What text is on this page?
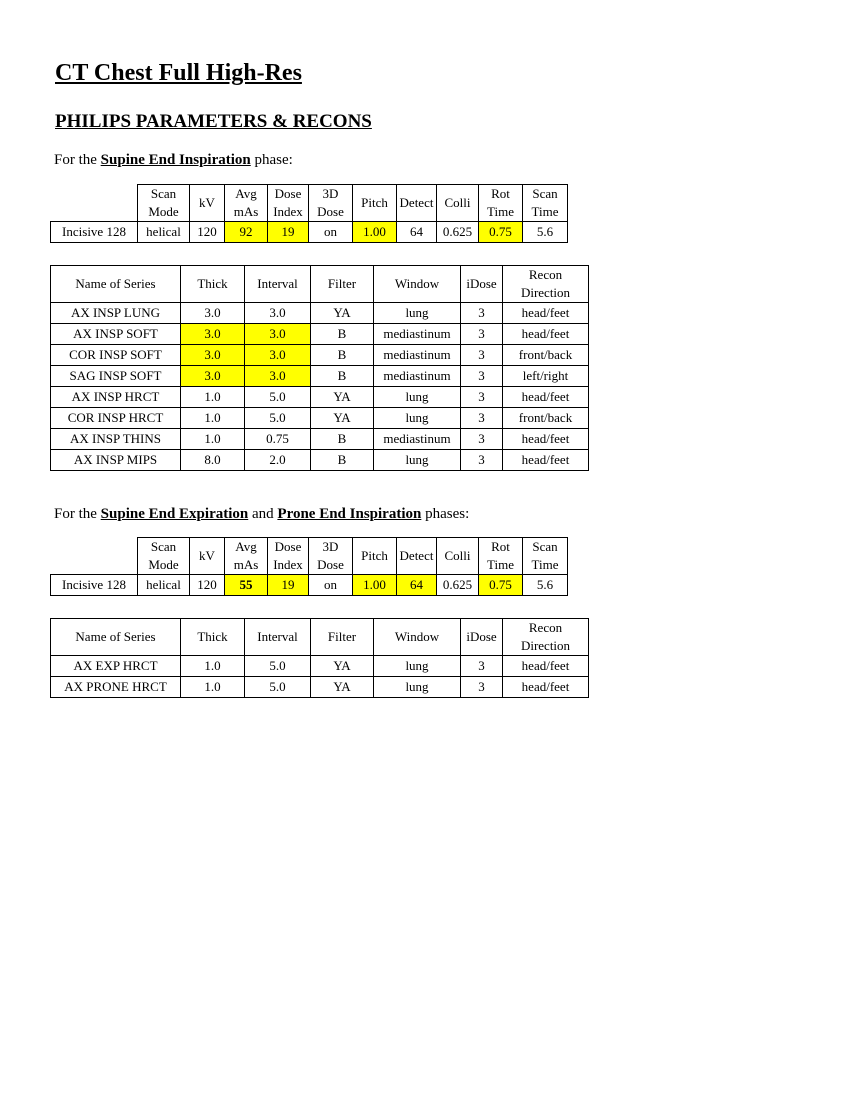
CT Chest Full High-Res
PHILIPS PARAMETERS & RECONS

For the Supine End Inspiration phase:

	Scan Mode	kV	Avg mAs	Dose Index	3D Dose	Pitch	Detect	Colli	Rot Time	Scan Time
Incisive 128	helical	120	92	19	on	1.00	64	0.625	0.75	5.6
Name of Series	Thick	Interval	Filter	Window	iDose	Recon Direction
AX INSP LUNG	3.0	3.0	YA	lung	3	head/feet
AX INSP SOFT	3.0	3.0	B	mediastinum	3	head/feet
COR INSP SOFT	3.0	3.0	B	mediastinum	3	front/back
SAG INSP SOFT	3.0	3.0	B	mediastinum	3	left/right
AX INSP HRCT	1.0	5.0	YA	lung	3	head/feet
COR INSP HRCT	1.0	5.0	YA	lung	3	front/back
AX INSP THINS	1.0	0.75	B	mediastinum	3	head/feet
AX INSP MIPS	8.0	2.0	B	lung	3	head/feet

For the Supine End Expiration and Prone End Inspiration phases:

	Scan Mode	kV	Avg mAs	Dose Index	3D Dose	Pitch	Detect	Colli	Rot Time	Scan Time
Incisive 128	helical	120	55	19	on	1.00	64	0.625	0.75	5.6
Name of Series	Thick	Interval	Filter	Window	iDose	Recon Direction
AX EXP HRCT	1.0	5.0	YA	lung	3	head/feet
AX PRONE HRCT	1.0	5.0	YA	lung	3	head/feet
